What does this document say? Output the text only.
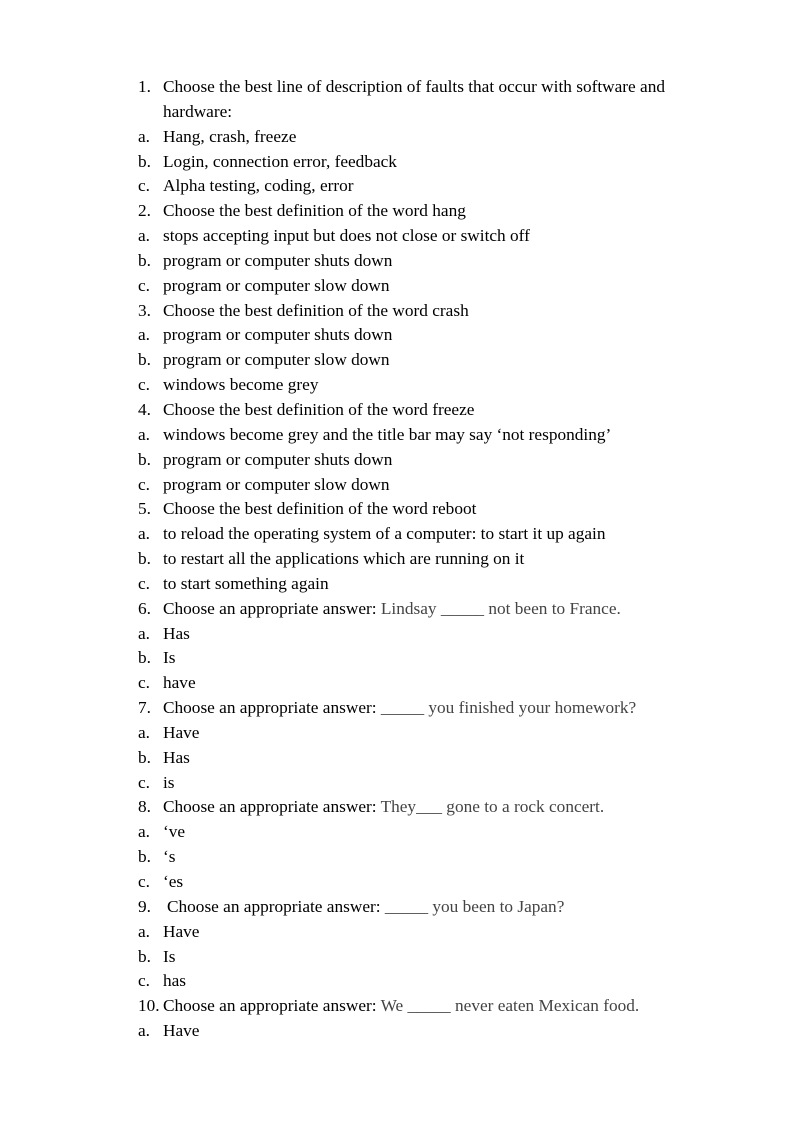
1. Choose the best line of description of faults that occur with software and
hardware:
a. Hang, crash, freeze
b. Login, connection error, feedback
c. Alpha testing, coding, error
2. Choose the best definition of the word hang
a. stops accepting input but does not close or switch off
b. program or computer shuts down
c. program or computer slow down
3. Choose the best definition of the word crash
a. program or computer shuts down
b. program or computer slow down
c. windows become grey
4. Choose the best definition of the word freeze
a. windows become grey and the title bar may say ‘not responding’
b. program or computer shuts down
c. program or computer slow down
5. Choose the best definition of the word reboot
a. to reload the operating system of a computer: to start it up again
b. to restart all the applications which are running on it
c. to start something again
6. Choose an appropriate answer: Lindsay _____ not been to France.
a. Has
b. Is
c. have
7. Choose an appropriate answer: _____ you finished your homework?
a. Have
b. Has
c. is
8. Choose an appropriate answer: They___ gone to a rock concert.
a. ‘ve
b. ‘s
c. ‘es
9. Choose an appropriate answer: _____ you been to Japan?
a. Have
b. Is
c. has
10. Choose an appropriate answer: We _____ never eaten Mexican food.
a. Have
